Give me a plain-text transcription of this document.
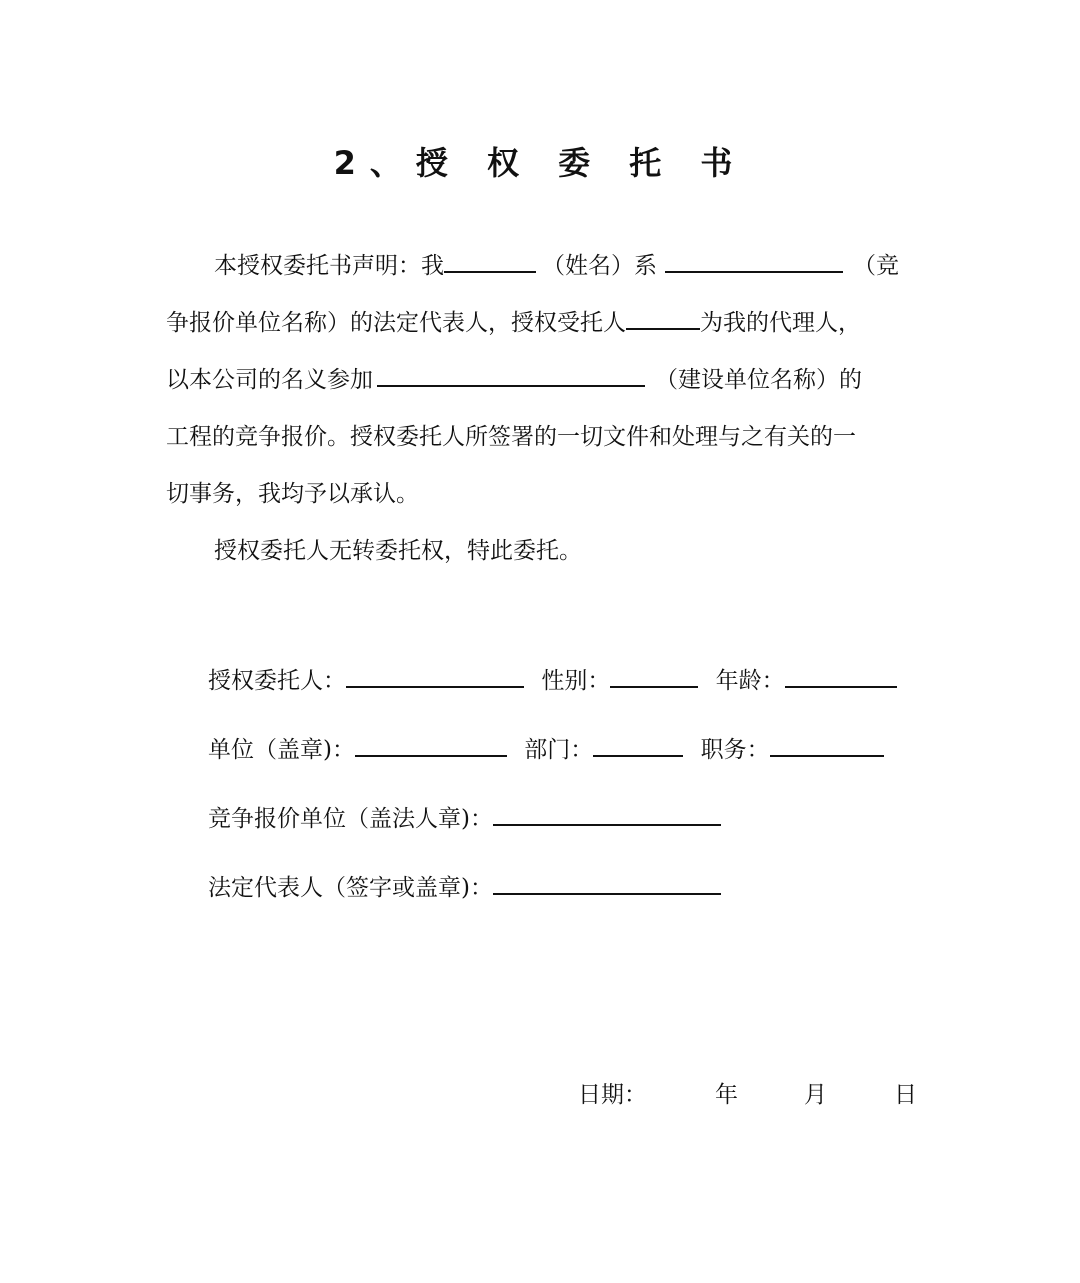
2、授 权 委 托 书
本授权委托书声明：我	（姓名）系	（竞
争报价单位名称）的法定代表人，授权受托人	为我的代理人，
以本公司的名义参加	（建设单位名称）的
工程的竞争报价。授权委托人所签署的一切文件和处理与之有关的一
切事务，我均予以承认。
授权委托人无转委托权，特此委托。
授权委托人：	性别：	年龄：
单位（盖章)：	部门：	职务：
竞争报价单位（盖法人章)：
法定代表人（签字或盖章)：
日期：	年	月	日
